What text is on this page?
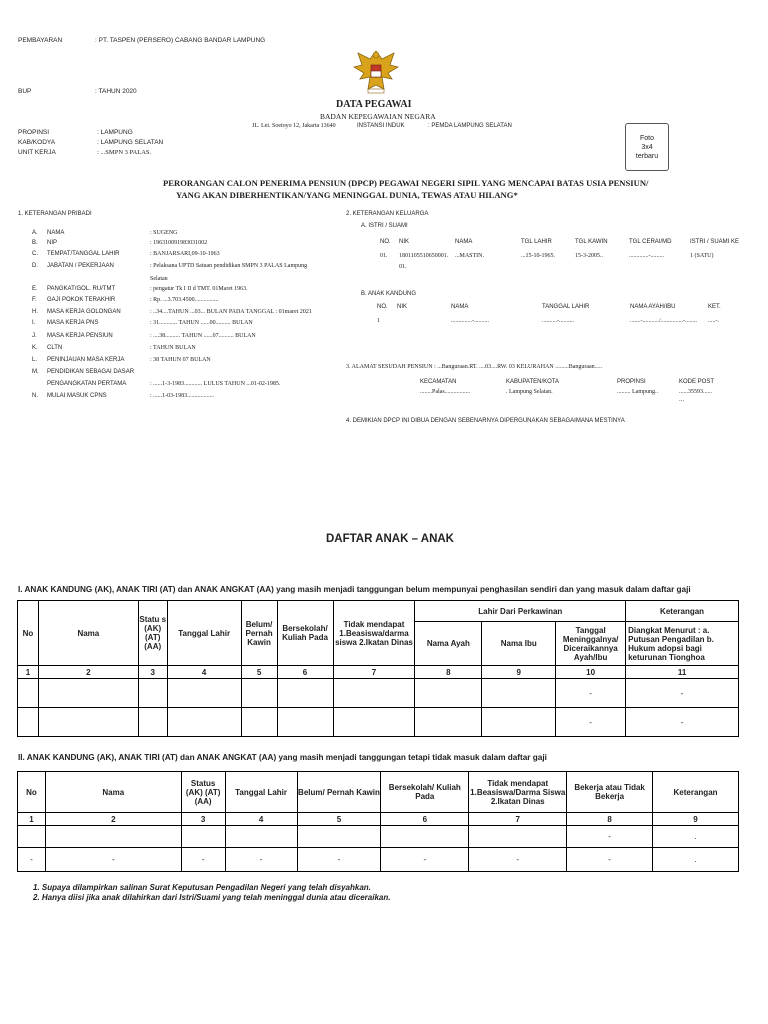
PEMBAYARAN	: PT. TASPEN (PERSERO) CABANG BANDAR LAMPUNG
BUP	: TAHUN 2020
DATA PEGAWAI
BADAN KEPEGAWAIAN NEGARA
JL. Let. Soetoyo 12, Jakarta 13640	INSTANSI INDUK	: PEMDA LAMPUNG SELATAN
PROPINSI	: LAMPUNG
KAB/KODYA	: LAMPUNG SELATAN
UNIT KERJA	: ...SMPN 3 PALAS.
Foto
3x4
terbaru
PERORANGAN CALON PENERIMA PENSIUN (DPCP) PEGAWAI NEGERI SIPIL YANG MENCAPAI BATAS USIA PENSIUN/
YANG AKAN DIBERHENTIKAN/YANG MENINGGAL DUNIA, TEWAS ATAU HILANG*
1. KETERANGAN PRIBADI
A. NAMA	: SUGENG
B. NIP	: 196310091983031002
C. TEMPAT/TANGGAL LAHIR	: BANJARSARI,09-10-1963
D. JABATAN / PEKERJAAN	: Pelaksana UPTD Satuan pendidikan SMPN 3 PALAS Lampung
Selatan
E. PANGKAT/GOL. RU/TMT	: pengatur Tk I II d TMT. 01Maret 1963.
F. GAJI POKOK TERAKHIR	: Rp. ...3.703.4500................
H. MASA KERJA GOLONGAN	: ..34....TAHUN ...03... BULAN PADA TANGGAL : 01maret 2021
I. MASA KERJA PNS	: 31............ TAHUN ......00.......... BULAN
J. MASA KERJA PENSIUN	: ....38.......... TAHUN ......07.......... BULAN
K. CLTN	: TAHUN BULAN
L. PENINJAUAN MASA KERJA	: 38 TAHUN 07 BULAN
M. PENDIDIKAN SEBAGAI DASAR
PENGANGKATAN PERTAMA	: ......1-3-1983............ LULUS TAHUN ...01-02-1985.
N. MULAI MASUK CPNS	: ......1-03-1983..................
2. KETERANGAN KELUARGA
A. ISTRI / SUAMI
NO. NIK	NAMA	TGL LAHIR	TGL KAWIN	TGL CERAI/MD	ISTRI / SUAMI KE
01. 1801105510650001. ...MASTIN.	...15-10-1965.	15-3-2005..	.............-.........	1 (SATU)
01.
B. ANAK KANDUNG
NO. NIK	NAMA	TANGGAL LAHIR	NAMA AYAH/IBU	KET.
1	..............-..........	..........-..........	.......-.........../...............-........ .....-.
3. ALAMAT SESUDAH PENSIUN : ...Banguraan.RT. ....03....RW. 03 KELURAHAN .........Banguraan.....
KECAMATAN
........Palas.................
KABUPATEN/KOTA
. Lampung Selatan.
PROPINSI
......... Lampung..
KODE POST
......35593......
...
4. DEMIKIAN DPCP INI DIBUA DENGAN SEBENARNYA DIPERGUNAKAN SEBAGAIMANA MESTINYA
DAFTAR ANAK – ANAK
I. ANAK KANDUNG (AK), ANAK TIRI (AT) dan ANAK ANGKAT (AA) yang masih menjadi tanggungan belum mempunyai penghasilan sendiri dan yang masuk dalam daftar gaji
No	Nama	Statu s (AK) (AT) (AA)	Tanggal Lahir	Belum/ Pernah Kawin	Bersekolah/ Kuliah Pada	Tidak mendapat 1.Beasiswa/darma siswa 2.Ikatan Dinas	Lahir Dari Perkawinan			Keterangan
							Nama Ayah	Nama Ibu	Tanggal Meninggalnya/ Diceraikannya Ayah/Ibu	Diangkat Menurut : a. Putusan Pengadilan b. Hukum adopsi bagi keturunan Tionghoa
1	2	3	4	5	6	7	8	9	10	11
									-	-
									-	-
II. ANAK KANDUNG (AK), ANAK TIRI (AT) dan ANAK ANGKAT (AA) yang masih menjadi tanggungan tetapi tidak masuk dalam daftar gaji
No	Nama	Status (AK) (AT) (AA)	Tanggal Lahir	Belum/ Pernah Kawin	Bersekolah/ Kuliah Pada	Tidak mendapat 1.Beasiswa/Darma Siswa 2.Ikatan Dinas	Bekerja atau Tidak Bekerja	Keterangan
1	2	3	4	5	6	7	8	9
							-	.
-	-	-	-	-	-	-	-	.
1. Supaya dilampirkan salinan Surat Keputusan Pengadilan Negeri yang telah disyahkan.
2. Hanya diisi jika anak dilahirkan dari Istri/Suami yang telah meninggal dunia atau diceraikan.
